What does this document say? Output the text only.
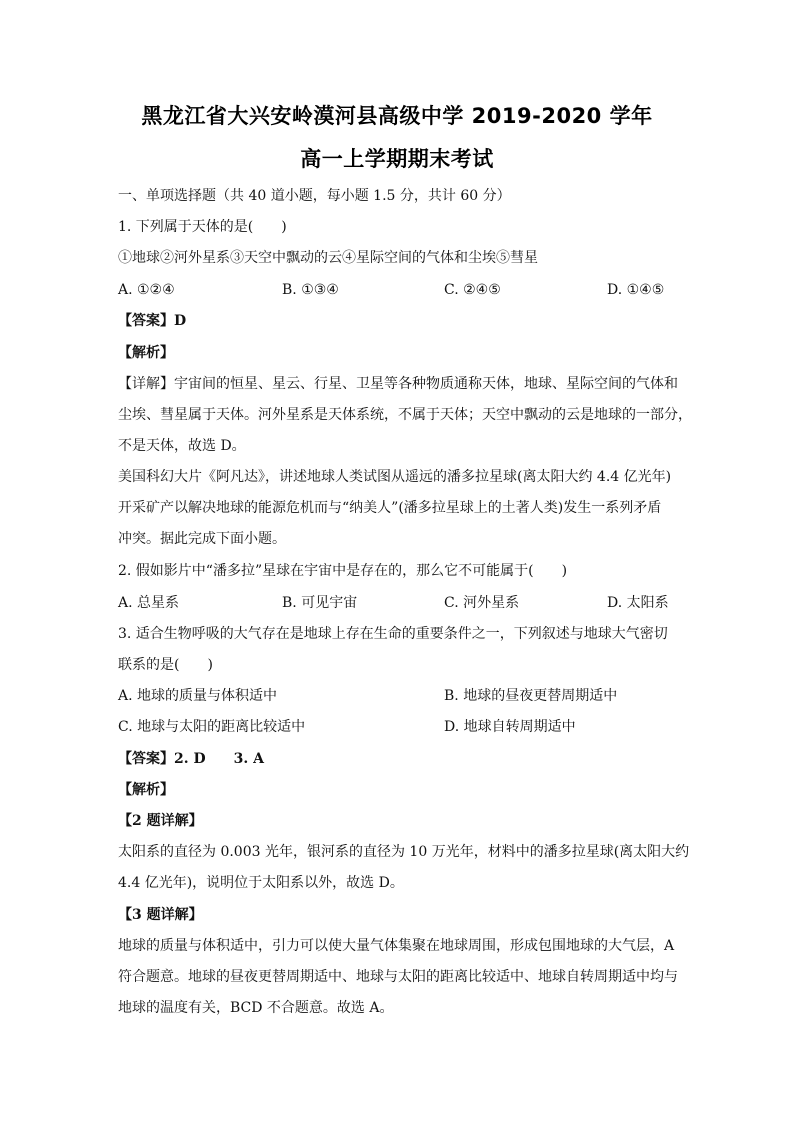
黑龙江省大兴安岭漠河县高级中学 2019-2020 学年
高一上学期期末考试
一、单项选择题（共 40 道小题，每小题 1.5 分，共计 60 分）
1. 下列属于天体的是(　　)
①地球②河外星系③天空中飘动的云④星际空间的气体和尘埃⑤彗星
A. ①②④	B. ①③④	C. ②④⑤	D. ①④⑤
【答案】D
【解析】
【详解】宇宙间的恒星、星云、行星、卫星等各种物质通称天体，地球、星际空间的气体和
尘埃、彗星属于天体。河外星系是天体系统，不属于天体；天空中飘动的云是地球的一部分，
不是天体，故选 D。
美国科幻大片《阿凡达》，讲述地球人类试图从遥远的潘多拉星球(离太阳大约 4.4 亿光年)
开采矿产以解决地球的能源危机而与“纳美人”(潘多拉星球上的土著人类)发生一系列矛盾
冲突。据此完成下面小题。
2. 假如影片中“潘多拉”星球在宇宙中是存在的，那么它不可能属于(　　)
A. 总星系	B. 可见宇宙	C. 河外星系	D. 太阳系
3. 适合生物呼吸的大气存在是地球上存在生命的重要条件之一，下列叙述与地球大气密切
联系的是(　　)
A. 地球的质量与体积适中	B. 地球的昼夜更替周期适中
C. 地球与太阳的距离比较适中	D. 地球自转周期适中
【答案】2. D　　3. A
【解析】
【2 题详解】
太阳系的直径为 0.003 光年，银河系的直径为 10 万光年，材料中的潘多拉星球(离太阳大约
4.4 亿光年)，说明位于太阳系以外，故选 D。
【3 题详解】
地球的质量与体积适中，引力可以使大量气体集聚在地球周围，形成包围地球的大气层，A
符合题意。地球的昼夜更替周期适中、地球与太阳的距离比较适中、地球自转周期适中均与
地球的温度有关，BCD 不合题意。故选 A。
